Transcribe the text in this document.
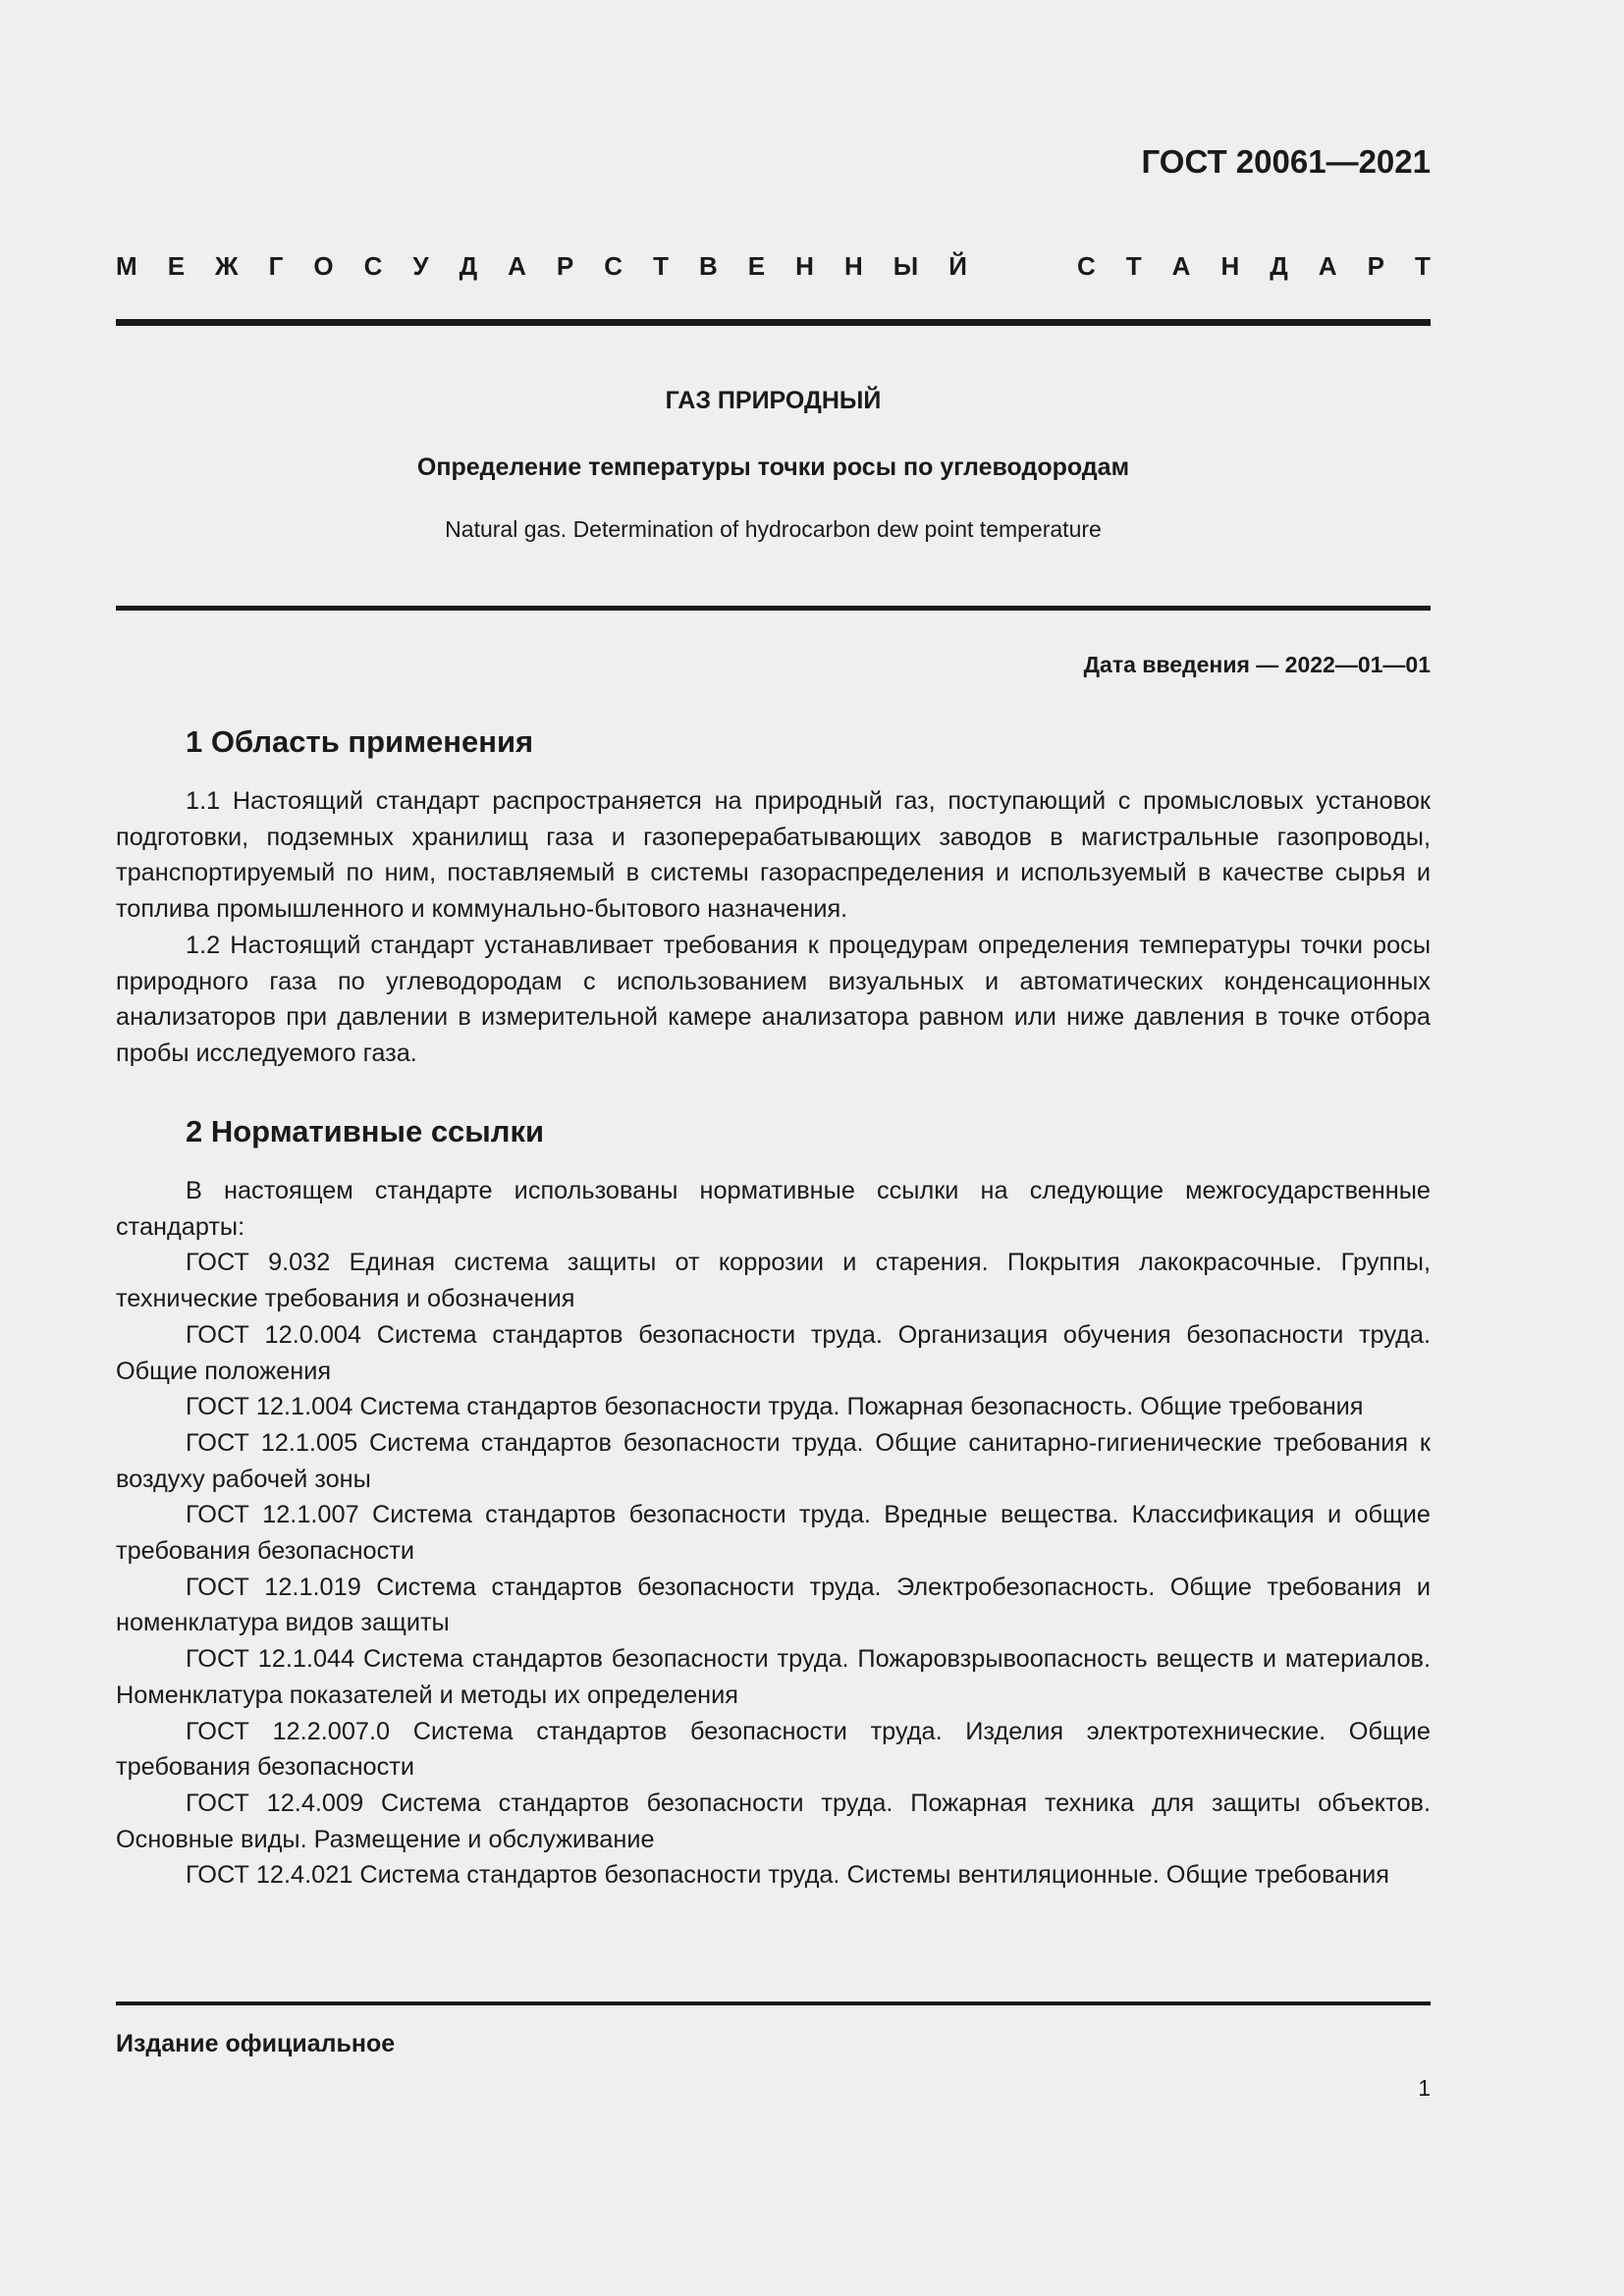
ГОСТ 20061—2021

М Е Ж Г О С У Д А Р С Т В Е Н Н Ы Й	С Т А Н Д А Р Т

ГАЗ ПРИРОДНЫЙ

Определение температуры точки росы по углеводородам

Natural gas. Determination of hydrocarbon dew point temperature

Дата введения — 2022—01—01

1 Область применения

1.1 Настоящий стандарт распространяется на природный газ, поступающий с промысловых установок подготовки, подземных хранилищ газа и газоперерабатывающих заводов в магистральные газопроводы, транспортируемый по ним, поставляемый в системы газораспределения и используемый в качестве сырья и топлива промышленного и коммунально-бытового назначения.

1.2 Настоящий стандарт устанавливает требования к процедурам определения температуры точки росы природного газа по углеводородам с использованием визуальных и автоматических конденсационных анализаторов при давлении в измерительной камере анализатора равном или ниже давления в точке отбора пробы исследуемого газа.

2 Нормативные ссылки

В настоящем стандарте использованы нормативные ссылки на следующие межгосударственные стандарты:

ГОСТ 9.032 Единая система защиты от коррозии и старения. Покрытия лакокрасочные. Группы, технические требования и обозначения

ГОСТ 12.0.004 Система стандартов безопасности труда. Организация обучения безопасности труда. Общие положения

ГОСТ 12.1.004 Система стандартов безопасности труда. Пожарная безопасность. Общие требования

ГОСТ 12.1.005 Система стандартов безопасности труда. Общие санитарно-гигиенические требования к воздуху рабочей зоны

ГОСТ 12.1.007 Система стандартов безопасности труда. Вредные вещества. Классификация и общие требования безопасности

ГОСТ 12.1.019 Система стандартов безопасности труда. Электробезопасность. Общие требования и номенклатура видов защиты

ГОСТ 12.1.044 Система стандартов безопасности труда. Пожаровзрывоопасность веществ и материалов. Номенклатура показателей и методы их определения

ГОСТ 12.2.007.0 Система стандартов безопасности труда. Изделия электротехнические. Общие требования безопасности

ГОСТ 12.4.009 Система стандартов безопасности труда. Пожарная техника для защиты объектов. Основные виды. Размещение и обслуживание

ГОСТ 12.4.021 Система стандартов безопасности труда. Системы вентиляционные. Общие требования

Издание официальное

1
